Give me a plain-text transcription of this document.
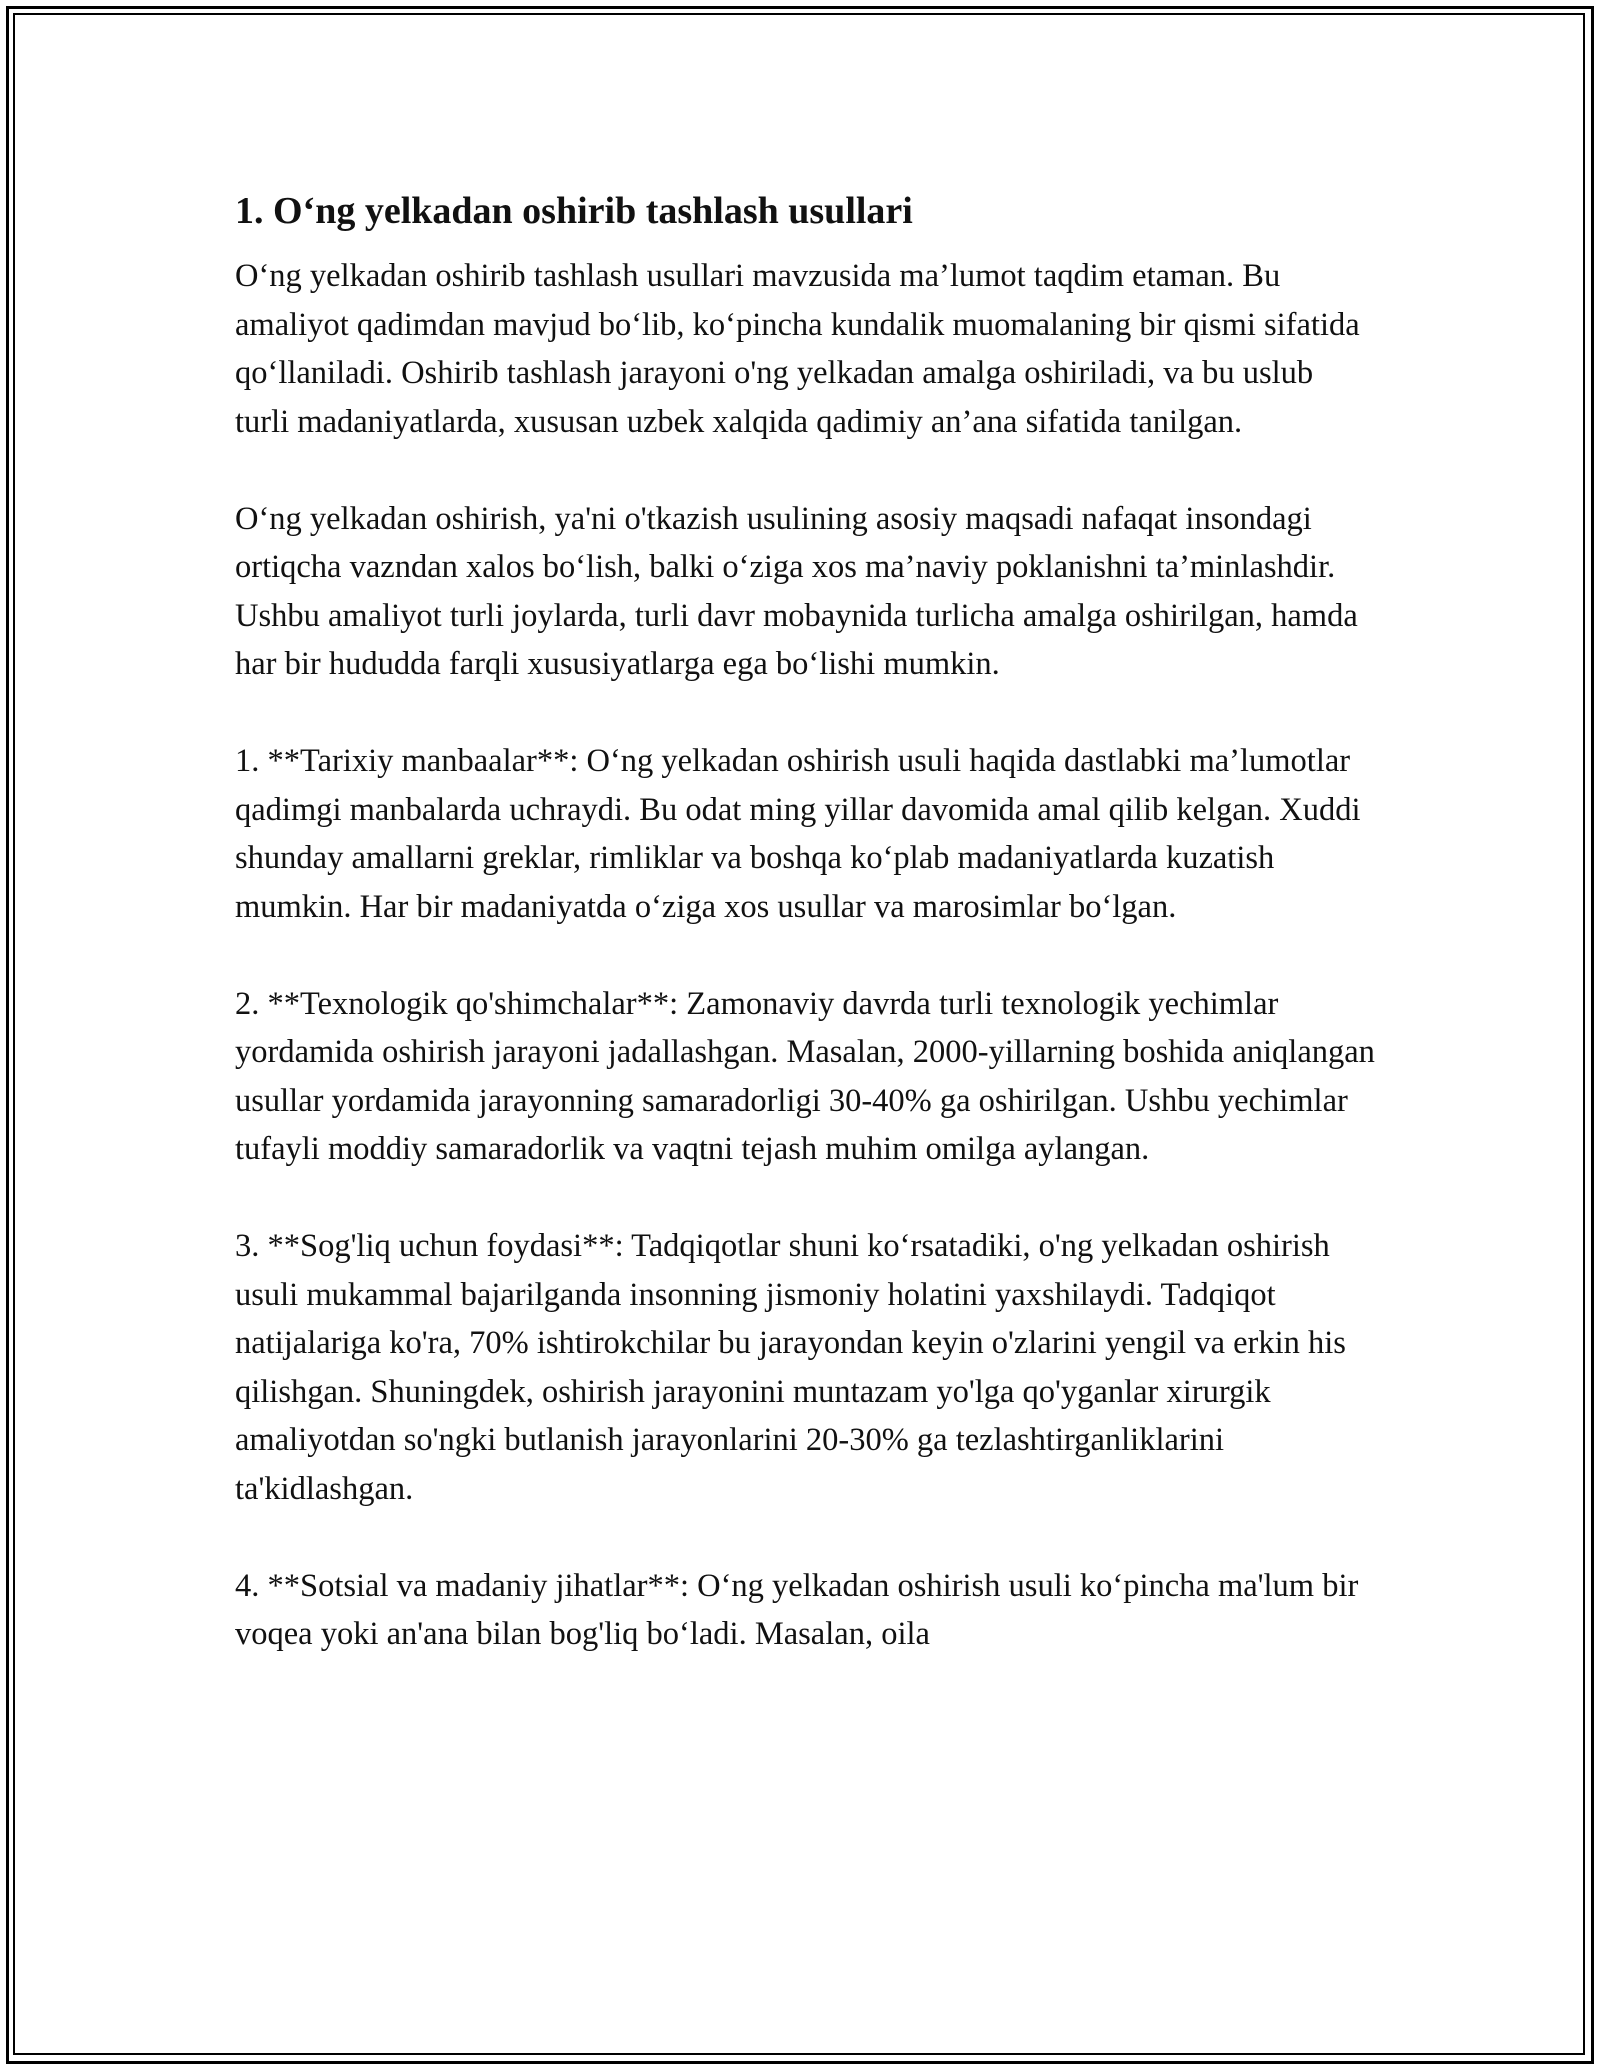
1. O‘ng yelkadan oshirib tashlash usullari

O‘ng yelkadan oshirib tashlash usullari mavzusida ma’lumot taqdim etaman. Bu amaliyot qadimdan mavjud bo‘lib, ko‘pincha kundalik muomalaning bir qismi sifatida qo‘llaniladi. Oshirib tashlash jarayoni o'ng yelkadan amalga oshiriladi, va bu uslub turli madaniyatlarda, xususan uzbek xalqida qadimiy an’ana sifatida tanilgan.

O‘ng yelkadan oshirish, ya'ni o'tkazish usulining asosiy maqsadi nafaqat insondagi ortiqcha vazndan xalos bo‘lish, balki o‘ziga xos ma’naviy poklanishni ta’minlashdir. Ushbu amaliyot turli joylarda, turli davr mobaynida turlicha amalga oshirilgan, hamda har bir hududda farqli xususiyatlarga ega bo‘lishi mumkin.

1. **Tarixiy manbaalar**: O‘ng yelkadan oshirish usuli haqida dastlabki ma’lumotlar qadimgi manbalarda uchraydi. Bu odat ming yillar davomida amal qilib kelgan. Xuddi shunday amallarni greklar, rimliklar va boshqa ko‘plab madaniyatlarda kuzatish mumkin. Har bir madaniyatda o‘ziga xos usullar va marosimlar bo‘lgan.

2. **Texnologik qo'shimchalar**: Zamonaviy davrda turli texnologik yechimlar yordamida oshirish jarayoni jadallashgan. Masalan, 2000-yillarning boshida aniqlangan usullar yordamida jarayonning samaradorligi 30-40% ga oshirilgan. Ushbu yechimlar tufayli moddiy samaradorlik va vaqtni tejash muhim omilga aylangan.

3. **Sog'liq uchun foydasi**: Tadqiqotlar shuni ko‘rsatadiki, o'ng yelkadan oshirish usuli mukammal bajarilganda insonning jismoniy holatini yaxshilaydi. Tadqiqot natijalariga ko'ra, 70% ishtirokchilar bu jarayondan keyin o'zlarini yengil va erkin his qilishgan. Shuningdek, oshirish jarayonini muntazam yo'lga qo'yganlar xirurgik amaliyotdan so'ngki butlanish jarayonlarini 20-30% ga tezlashtirganliklarini ta'kidlashgan.

4. **Sotsial va madaniy jihatlar**: O‘ng yelkadan oshirish usuli ko‘pincha ma'lum bir voqea yoki an'ana bilan bog'liq bo‘ladi. Masalan, oila
